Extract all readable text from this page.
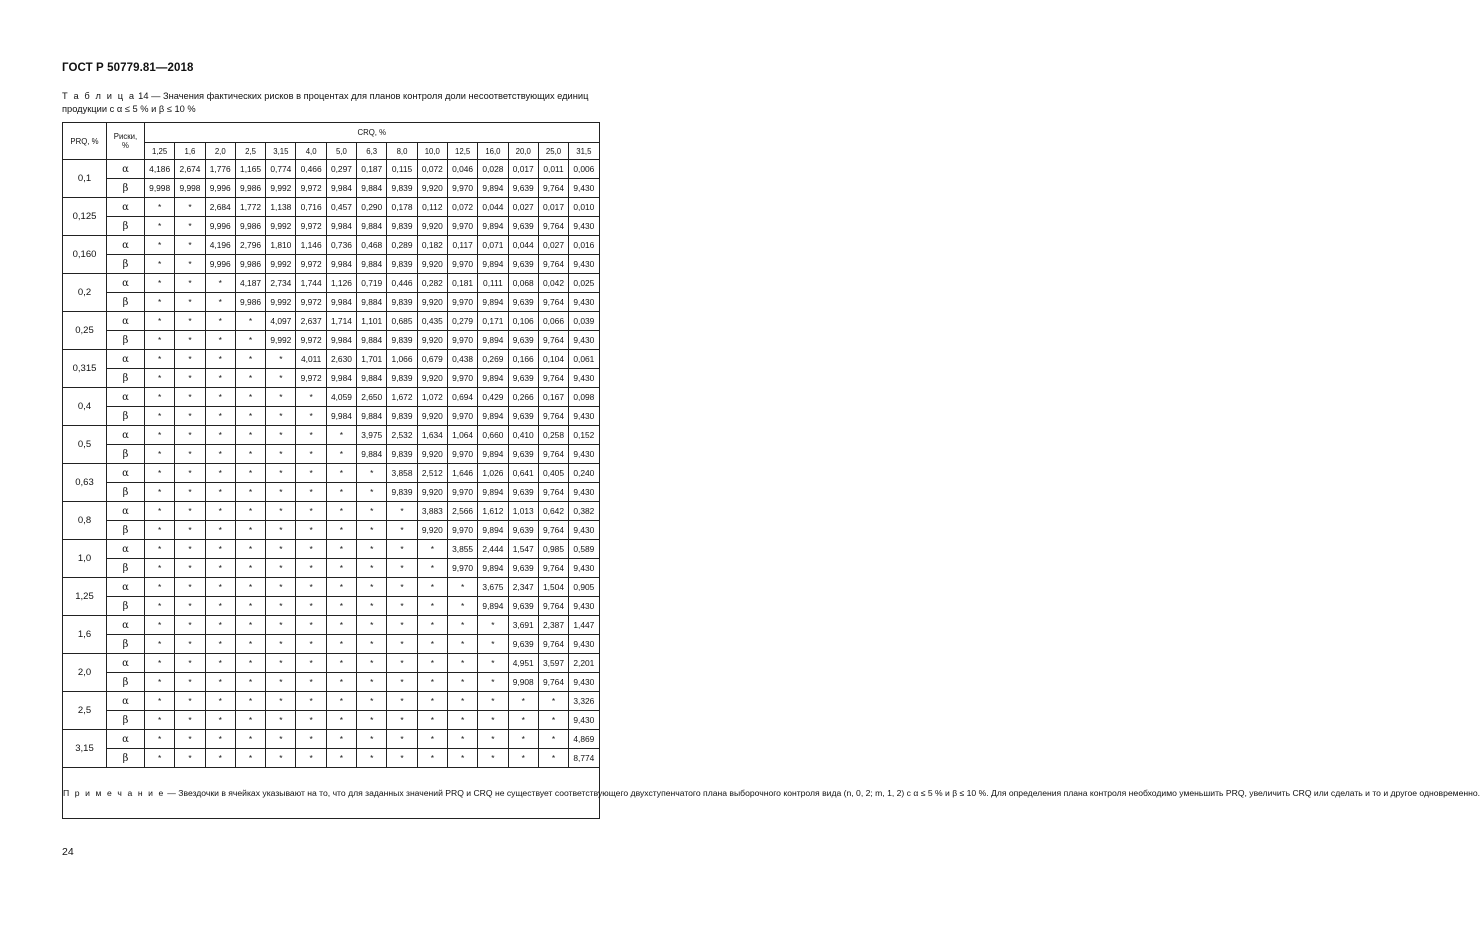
ГОСТ Р 50779.81—2018
Т а б л и ц а 14 — Значения фактических рисков в процентах для планов контроля доли несоответствующих единиц продукции с α ≤ 5 % и β ≤ 10 %
PRQ, %	Риски, %	CRQ, %														
		1,25	1,6	2,0	2,5	3,15	4,0	5,0	6,3	8,0	10,0	12,5	16,0	20,0	25,0	31,5
0,1	α	4,186	2,674	1,776	1,165	0,774	0,466	0,297	0,187	0,115	0,072	0,046	0,028	0,017	0,011	0,006
	β	9,998	9,998	9,996	9,986	9,992	9,972	9,984	9,884	9,839	9,920	9,970	9,894	9,639	9,764	9,430
0,125	α	*	*	2,684	1,772	1,138	0,716	0,457	0,290	0,178	0,112	0,072	0,044	0,027	0,017	0,010
	β	*	*	9,996	9,986	9,992	9,972	9,984	9,884	9,839	9,920	9,970	9,894	9,639	9,764	9,430
0,160	α	*	*	4,196	2,796	1,810	1,146	0,736	0,468	0,289	0,182	0,117	0,071	0,044	0,027	0,016
	β	*	*	9,996	9,986	9,992	9,972	9,984	9,884	9,839	9,920	9,970	9,894	9,639	9,764	9,430
0,2	α	*	*	*	4,187	2,734	1,744	1,126	0,719	0,446	0,282	0,181	0,111	0,068	0,042	0,025
	β	*	*	*	9,986	9,992	9,972	9,984	9,884	9,839	9,920	9,970	9,894	9,639	9,764	9,430
0,25	α	*	*	*	*	4,097	2,637	1,714	1,101	0,685	0,435	0,279	0,171	0,106	0,066	0,039
	β	*	*	*	*	9,992	9,972	9,984	9,884	9,839	9,920	9,970	9,894	9,639	9,764	9,430
0,315	α	*	*	*	*	*	4,011	2,630	1,701	1,066	0,679	0,438	0,269	0,166	0,104	0,061
	β	*	*	*	*	*	9,972	9,984	9,884	9,839	9,920	9,970	9,894	9,639	9,764	9,430
0,4	α	*	*	*	*	*	*	4,059	2,650	1,672	1,072	0,694	0,429	0,266	0,167	0,098
	β	*	*	*	*	*	*	9,984	9,884	9,839	9,920	9,970	9,894	9,639	9,764	9,430
0,5	α	*	*	*	*	*	*	*	3,975	2,532	1,634	1,064	0,660	0,410	0,258	0,152
	β	*	*	*	*	*	*	*	9,884	9,839	9,920	9,970	9,894	9,639	9,764	9,430
0,63	α	*	*	*	*	*	*	*	*	3,858	2,512	1,646	1,026	0,641	0,405	0,240
	β	*	*	*	*	*	*	*	*	9,839	9,920	9,970	9,894	9,639	9,764	9,430
0,8	α	*	*	*	*	*	*	*	*	*	3,883	2,566	1,612	1,013	0,642	0,382
	β	*	*	*	*	*	*	*	*	*	9,920	9,970	9,894	9,639	9,764	9,430
1,0	α	*	*	*	*	*	*	*	*	*	*	3,855	2,444	1,547	0,985	0,589
	β	*	*	*	*	*	*	*	*	*	*	9,970	9,894	9,639	9,764	9,430
1,25	α	*	*	*	*	*	*	*	*	*	*	*	3,675	2,347	1,504	0,905
	β	*	*	*	*	*	*	*	*	*	*	*	9,894	9,639	9,764	9,430
1,6	α	*	*	*	*	*	*	*	*	*	*	*	*	3,691	2,387	1,447
	β	*	*	*	*	*	*	*	*	*	*	*	*	9,639	9,764	9,430
2,0	α	*	*	*	*	*	*	*	*	*	*	*	*	4,951	3,597	2,201
	β	*	*	*	*	*	*	*	*	*	*	*	*	9,908	9,764	9,430
2,5	α	*	*	*	*	*	*	*	*	*	*	*	*	*	*	3,326
	β	*	*	*	*	*	*	*	*	*	*	*	*	*	*	9,430
3,15	α	*	*	*	*	*	*	*	*	*	*	*	*	*	*	4,869
	β	*	*	*	*	*	*	*	*	*	*	*	*	*	*	8,774
П р и м е ч а н и е — Звездочки в ячейках указывают на то, что для заданных значений PRQ и CRQ не существует соответствующего двухступенчатого плана выборочного контроля вида (n, 0, 2; m, 1, 2) с α ≤ 5 % и β ≤ 10 %. Для определения плана контроля необходимо уменьшить PRQ, увеличить CRQ или сделать и то и другое одновременно.																
24
